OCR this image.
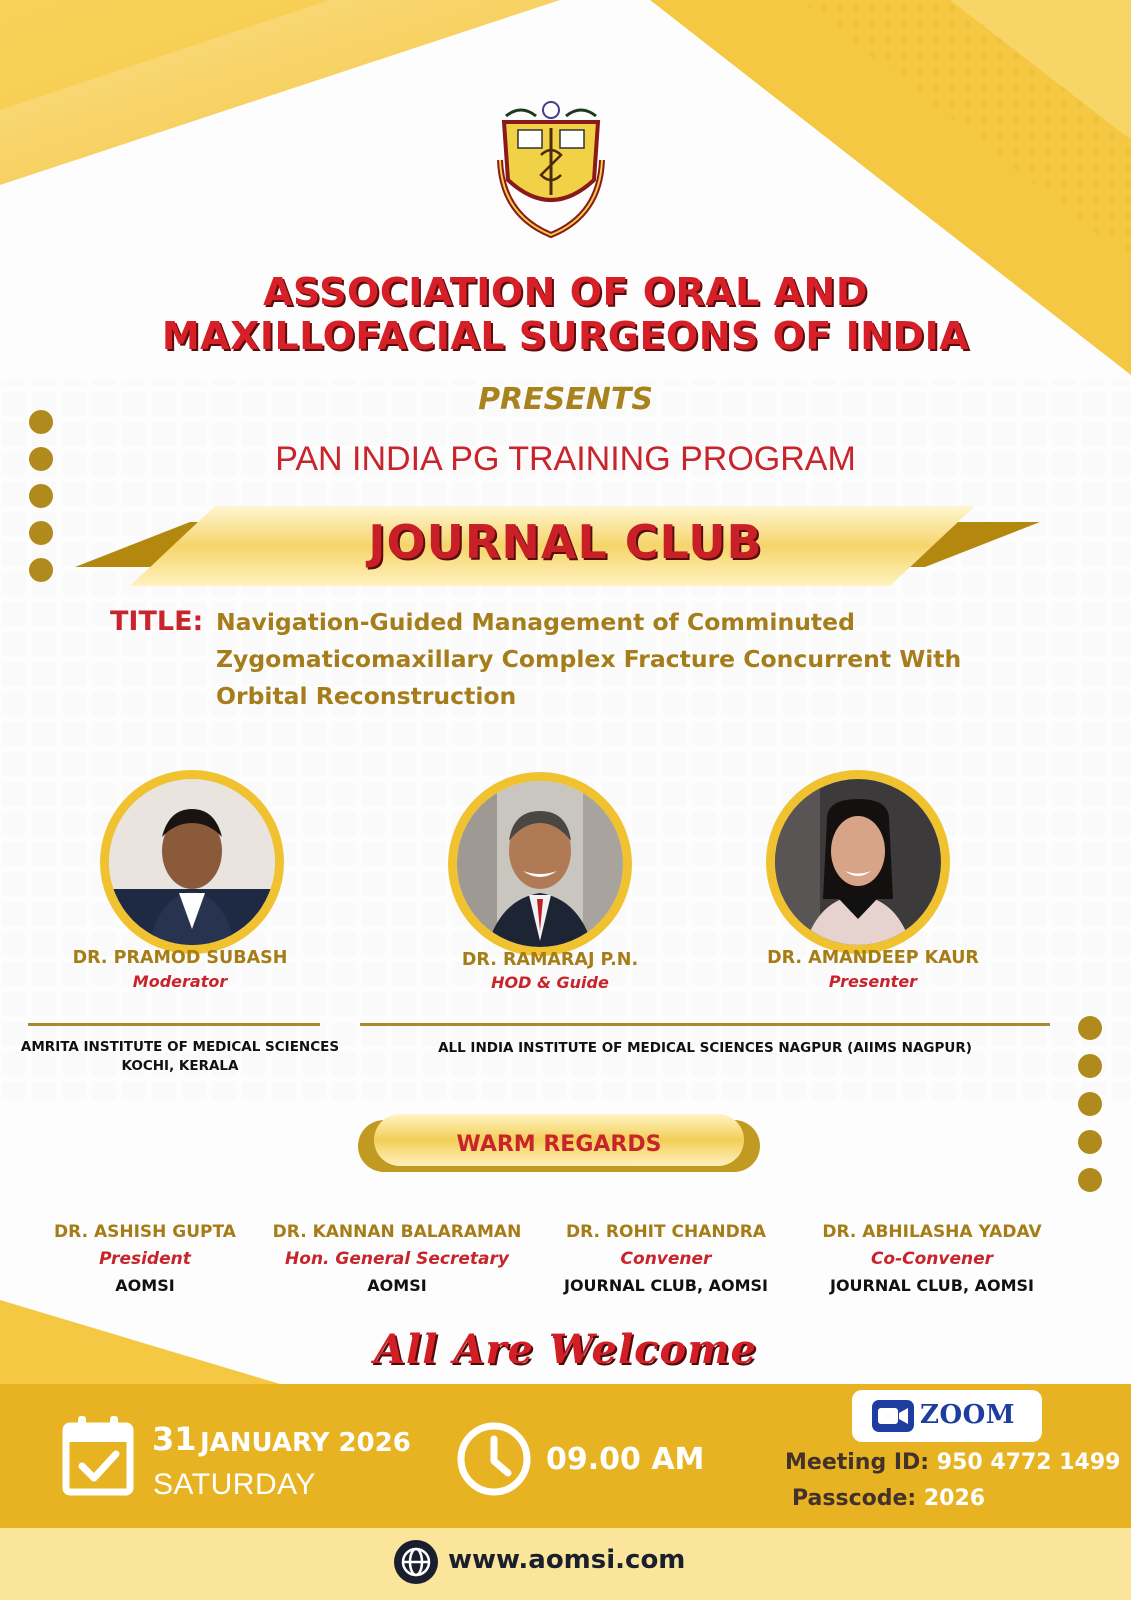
ASSOCIATION OF ORAL AND
MAXILLOFACIAL SURGEONS OF INDIA
PRESENTS
PAN INDIA PG TRAINING PROGRAM
JOURNAL CLUB
TITLE: Navigation-Guided Management of Comminuted
Zygomaticomaxillary Complex Fracture Concurrent With
Orbital Reconstruction
DR. PRAMOD SUBASH
Moderator
DR. RAMARAJ P.N.
HOD & Guide
DR. AMANDEEP KAUR
Presenter
AMRITA INSTITUTE OF MEDICAL SCIENCES
KOCHI, KERALA
ALL INDIA INSTITUTE OF MEDICAL SCIENCES NAGPUR (AIIMS NAGPUR)
WARM REGARDS
DR. ASHISH GUPTA
President
AOMSI
DR. KANNAN BALARAMAN
Hon. General Secretary
AOMSI
DR. ROHIT CHANDRA
Convener
JOURNAL CLUB, AOMSI
DR. ABHILASHA YADAV
Co-Convener
JOURNAL CLUB, AOMSI
All Are Welcome
31 JANUARY 2026
SATURDAY
09.00 AM
ZOOM
Meeting ID: 950 4772 1499
Passcode: 2026
www.aomsi.com
